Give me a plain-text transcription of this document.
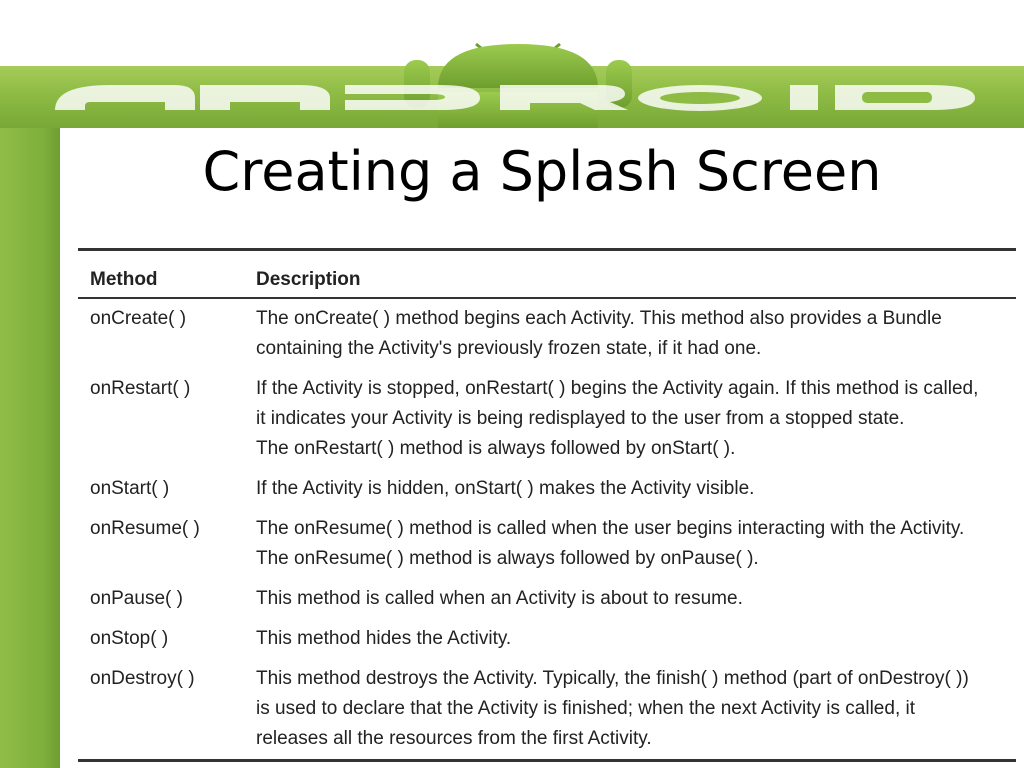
Creating a Splash Screen
Method	Description
onCreate( )	The onCreate( ) method begins each Activity. This method also provides a Bundle
containing the Activity's previously frozen state, if it had one.

onRestart( )	If the Activity is stopped, onRestart( ) begins the Activity again. If this method is called,
it indicates your Activity is being redisplayed to the user from a stopped state.
The onRestart( ) method is always followed by onStart( ).

onStart( )	If the Activity is hidden, onStart( ) makes the Activity visible.

onResume( )	The onResume( ) method is called when the user begins interacting with the Activity.
The onResume( ) method is always followed by onPause( ).

onPause( )	This method is called when an Activity is about to resume.

onStop( )	This method hides the Activity.

onDestroy( )	This method destroys the Activity. Typically, the finish( ) method (part of onDestroy( ))
is used to declare that the Activity is finished; when the next Activity is called, it
releases all the resources from the first Activity.
